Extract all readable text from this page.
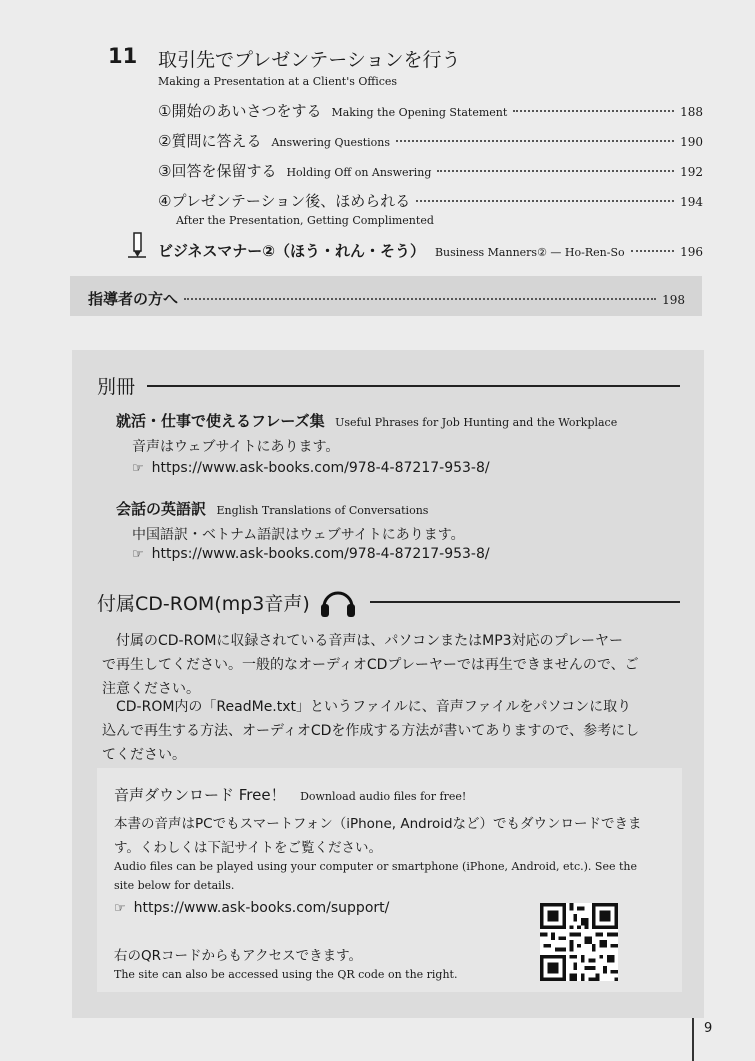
11 取引先でプレゼンテーションを行う
Making a Presentation at a Client's Offices
①開始のあいさつをする Making the Opening Statement	188
②質問に答える Answering Questions	190
③回答を保留する Holding Off on Answering	192
④プレゼンテーション後、ほめられる	194
After the Presentation, Getting Complimented
ビジネスマナー②（ほう・れん・そう） Business Manners② — Ho-Ren-So	196
指導者の方へ	198
別冊
就活・仕事で使えるフレーズ集 Useful Phrases for Job Hunting and the Workplace
音声はウェブサイトにあります。
☞ https://www.ask-books.com/978-4-87217-953-8/
会話の英語訳 English Translations of Conversations
中国語訳・ベトナム語訳はウェブサイトにあります。
☞ https://www.ask-books.com/978-4-87217-953-8/
付属CD-ROM(mp3音声)
付属のCD-ROMに収録されている音声は、パソコンまたはMP3対応のプレーヤー
で再生してください。一般的なオーディオCDプレーヤーでは再生できませんので、ご
注意ください。
CD-ROM内の「ReadMe.txt」というファイルに、音声ファイルをパソコンに取り
込んで再生する方法、オーディオCDを作成する方法が書いてありますので、参考にし
てください。
音声ダウンロード Free！ Download audio files for free!
本書の音声はPCでもスマートフォン（iPhone, Androidなど）でもダウンロードできま
す。くわしくは下記サイトをご覧ください。
Audio files can be played using your computer or smartphone (iPhone, Android, etc.). See the
site below for details.
☞ https://www.ask-books.com/support/
右のQRコードからもアクセスできます。
The site can also be accessed using the QR code on the right.
9
